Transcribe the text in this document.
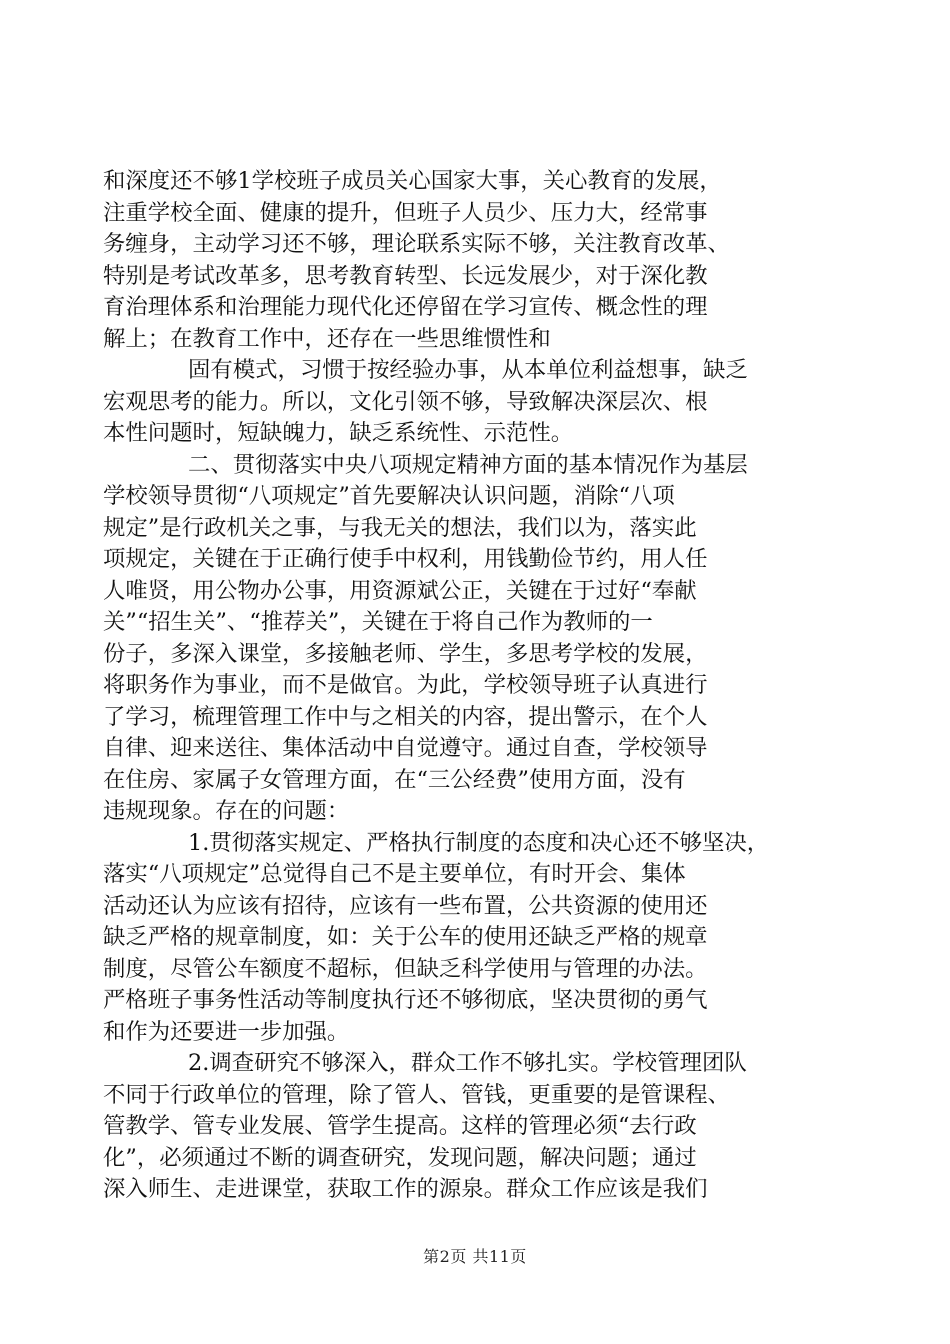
和深度还不够1学校班子成员关心国家大事，关心教育的发展，
注重学校全面、健康的提升，但班子人员少、压力大，经常事
务缠身，主动学习还不够，理论联系实际不够，关注教育改革、
特别是考试改革多，思考教育转型、长远发展少，对于深化教
育治理体系和治理能力现代化还停留在学习宣传、概念性的理
解上；在教育工作中，还存在一些思维惯性和
固有模式，习惯于按经验办事，从本单位利益想事，缺乏
宏观思考的能力。所以，文化引领不够，导致解决深层次、根
本性问题时，短缺魄力，缺乏系统性、示范性。
二、贯彻落实中央八项规定精神方面的基本情况作为基层
学校领导贯彻“八项规定”首先要解决认识问题，消除“八项
规定”是行政机关之事，与我无关的想法，我们以为，落实此
项规定，关键在于正确行使手中权利，用钱勤俭节约，用人任
人唯贤，用公物办公事，用资源斌公正，关键在于过好“奉献
关”“招生关”、“推荐关”，关键在于将自己作为教师的一
份子，多深入课堂，多接触老师、学生，多思考学校的发展，
将职务作为事业，而不是做官。为此，学校领导班子认真进行
了学习，梳理管理工作中与之相关的内容，提出警示，在个人
自律、迎来送往、集体活动中自觉遵守。通过自查，学校领导
在住房、家属子女管理方面，在“三公经费”使用方面，没有
违规现象。存在的问题：
1.贯彻落实规定、严格执行制度的态度和决心还不够坚决，
落实“八项规定”总觉得自己不是主要单位，有时开会、集体
活动还认为应该有招待，应该有一些布置，公共资源的使用还
缺乏严格的规章制度，如：关于公车的使用还缺乏严格的规章
制度，尽管公车额度不超标，但缺乏科学使用与管理的办法。
严格班子事务性活动等制度执行还不够彻底，坚决贯彻的勇气
和作为还要进一步加强。
2.调查研究不够深入，群众工作不够扎实。学校管理团队
不同于行政单位的管理，除了管人、管钱，更重要的是管课程、
管教学、管专业发展、管学生提高。这样的管理必须“去行政
化”，必须通过不断的调查研究，发现问题，解决问题；通过
深入师生、走进课堂，获取工作的源泉。群众工作应该是我们
第2页 共11页
